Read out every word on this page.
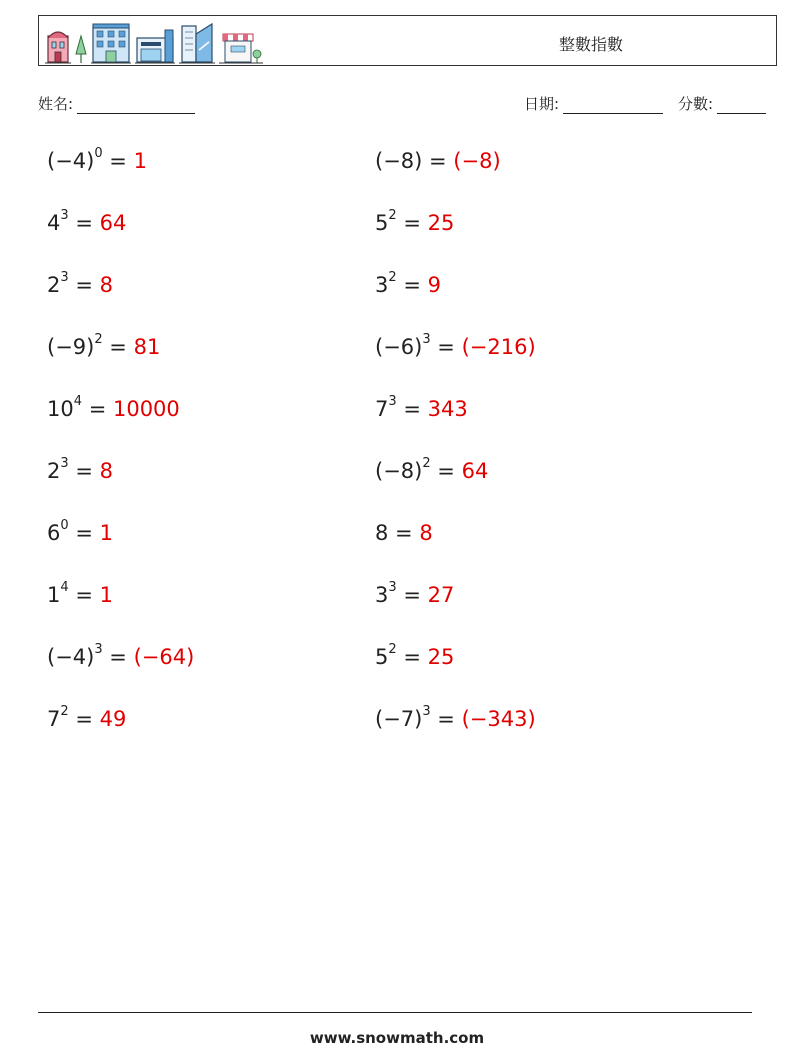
整數指數
姓名:	日期:	分數:
$(-4)^0 = 1$	(−8) = (−8)
$4^3 = 64$	$5^2 = 25$
$2^3 = 8$	$3^2 = 9$
$(-9)^2 = 81$	$(-6)^3 = (-216)$
$10^4 = 10000$	$7^3 = 343$
$2^3 = 8$	$(-8)^2 = 64$
$6^0 = 1$	8 = 8
$1^4 = 1$	$3^3 = 27$
$(-4)^3 = (-64)$	$5^2 = 25$
$7^2 = 49$	$(-7)^3 = (-343)$
www.snowmath.com
